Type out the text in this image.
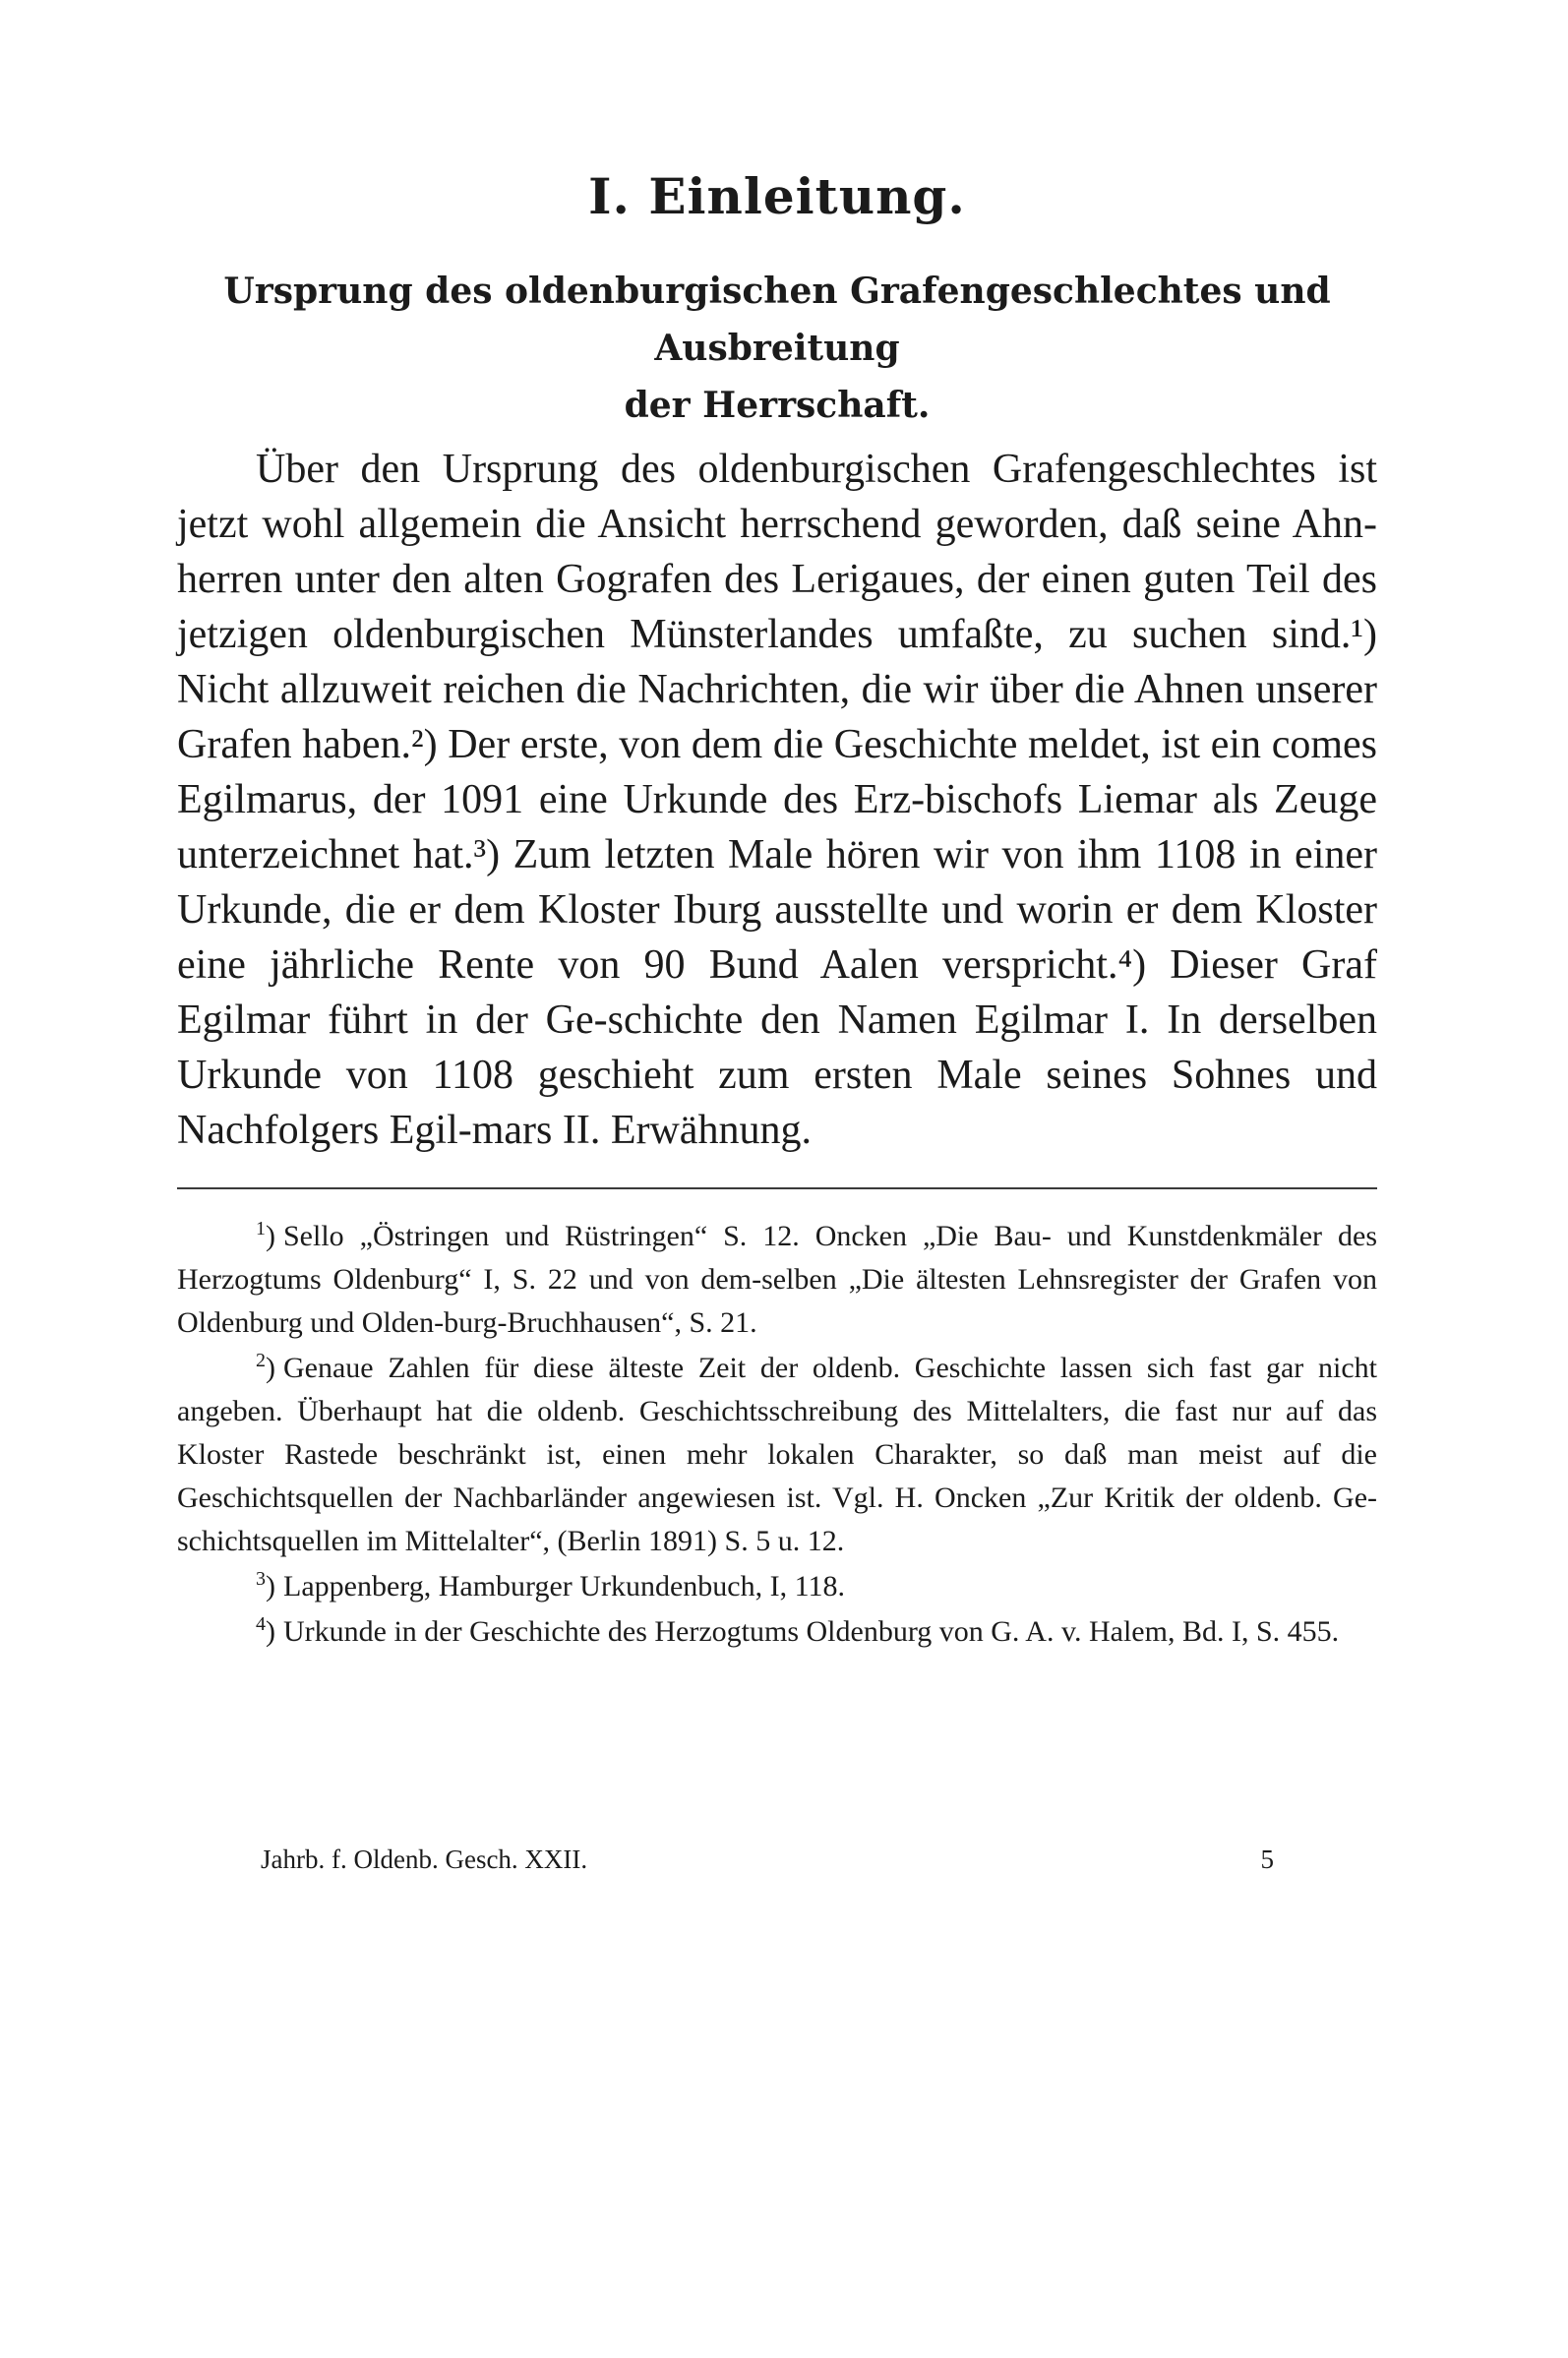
I. Einleitung.
Ursprung des oldenburgischen Grafengeschlechtes und Ausbreitung
der Herrschaft.

Über den Ursprung des oldenburgischen Grafengeschlechtes ist jetzt wohl allgemein die Ansicht herrschend geworden, daß seine Ahn-herren unter den alten Gografen des Lerigaues, der einen guten Teil des jetzigen oldenburgischen Münsterlandes umfaßte, zu suchen sind.¹) Nicht allzuweit reichen die Nachrichten, die wir über die Ahnen unserer Grafen haben.²) Der erste, von dem die Geschichte meldet, ist ein comes Egilmarus, der 1091 eine Urkunde des Erz-bischofs Liemar als Zeuge unterzeichnet hat.³) Zum letzten Male hören wir von ihm 1108 in einer Urkunde, die er dem Kloster Iburg ausstellte und worin er dem Kloster eine jährliche Rente von 90 Bund Aalen verspricht.⁴) Dieser Graf Egilmar führt in der Ge-schichte den Namen Egilmar I. In derselben Urkunde von 1108 geschieht zum ersten Male seines Sohnes und Nachfolgers Egil-mars II. Erwähnung.

$^1$) Sello „Östringen und Rüstringen“ S. 12. Oncken „Die Bau- und Kunstdenkmäler des Herzogtums Oldenburg“ I, S. 22 und von dem-selben „Die ältesten Lehnsregister der Grafen von Oldenburg und Olden-burg-Bruchhausen“, S. 21.

$^2$) Genaue Zahlen für diese älteste Zeit der oldenb. Geschichte lassen sich fast gar nicht angeben. Überhaupt hat die oldenb. Geschichtsschreibung des Mittelalters, die fast nur auf das Kloster Rastede beschränkt ist, einen mehr lokalen Charakter, so daß man meist auf die Geschichtsquellen der Nachbarländer angewiesen ist. Vgl. H. Oncken „Zur Kritik der oldenb. Ge-schichtsquellen im Mittelalter“, (Berlin 1891) S. 5 u. 12.

$^3$) Lappenberg, Hamburger Urkundenbuch, I, 118.

$^4$) Urkunde in der Geschichte des Herzogtums Oldenburg von G. A. v. Halem, Bd. I, S. 455.

Jahrb. f. Oldenb. Gesch. XXII.	5
